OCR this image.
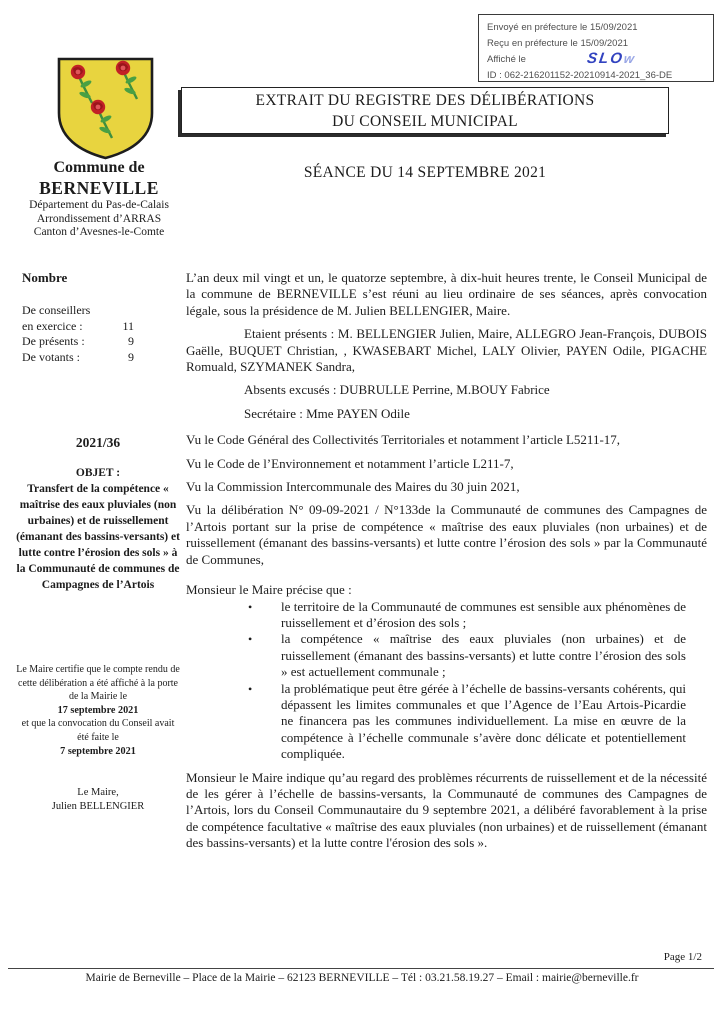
Envoyé en préfecture le 15/09/2021
Reçu en préfecture le 15/09/2021
Affiché le
ID : 062-216201152-20210914-2021_36-DE
SLOw
Commune de
BERNEVILLE
Département du Pas-de-Calais
Arrondissement d’ARRAS
Canton d’Avesnes-le-Comte
EXTRAIT DU REGISTRE DES DÉLIBÉRATIONS
DU CONSEIL MUNICIPAL
SÉANCE DU 14 SEPTEMBRE 2021
Nombre
De conseillers
en exercice :	11
De présents :	9
De votants :	9
2021/36
OBJET :
Transfert de la compétence « maîtrise des eaux pluviales (non urbaines) et de ruissellement (émanant des bassins-versants) et lutte contre l’érosion des sols » à la Communauté de communes de Campagnes de l’Artois
Le Maire certifie que le compte rendu de cette délibération a été affiché à la porte de la Mairie le
17 septembre 2021
et que la convocation du Conseil avait été faite le
7 septembre 2021
Le Maire,
Julien BELLENGIER

L’an deux mil vingt et un, le quatorze septembre, à dix-huit heures trente, le Conseil Municipal de la commune de BERNEVILLE s’est réuni au lieu ordinaire de ses séances, après convocation légale, sous la présidence de M. Julien BELLENGIER, Maire.

Etaient présents : M. BELLENGIER Julien, Maire, ALLEGRO Jean-François, DUBOIS Gaëlle, BUQUET Christian, , KWASEBART Michel, LALY Olivier, PAYEN Odile, PIGACHE Romuald, SZYMANEK Sandra,

Absents excusés : DUBRULLE Perrine, M.BOUY Fabrice

Secrétaire : Mme PAYEN Odile

Vu le Code Général des Collectivités Territoriales et notamment l’article L5211-17,

Vu le Code de l’Environnement et notamment l’article L211-7,

Vu la Commission Intercommunale des Maires du 30 juin 2021,

Vu la délibération N° 09-09-2021 / N°133de la Communauté de communes des Campagnes de l’Artois portant sur la prise de compétence « maîtrise des eaux pluviales (non urbaines) et de ruissellement (émanant des bassins-versants) et lutte contre l’érosion des sols » par la Communauté de Communes,

Monsieur le Maire précise que :

• le territoire de la Communauté de communes est sensible aux phénomènes de ruissellement et d’érosion des sols ;
• la compétence « maîtrise des eaux pluviales (non urbaines) et de ruissellement (émanant des bassins-versants) et lutte contre l’érosion des sols » est actuellement communale ;
• la problématique peut être gérée à l’échelle de bassins-versants cohérents, qui dépassent les limites communales et que l’Agence de l’Eau Artois-Picardie ne financera pas les communes individuellement. La mise en œuvre de la compétence à l’échelle communale s’avère donc délicate et potentiellement compliquée.

Monsieur le Maire indique qu’au regard des problèmes récurrents de ruissellement et de la nécessité de les gérer à l’échelle de bassins-versants, la Communauté de communes des Campagnes de l’Artois, lors du Conseil Communautaire du 9 septembre 2021, a délibéré favorablement à la prise de compétence facultative « maîtrise des eaux pluviales (non urbaines) et de ruissellement (émanant des bassins-versants) et la lutte contre l'érosion des sols ».

Page 1/2
Mairie de Berneville – Place de la Mairie – 62123 BERNEVILLE – Tél : 03.21.58.19.27 – Email : mairie@berneville.fr
